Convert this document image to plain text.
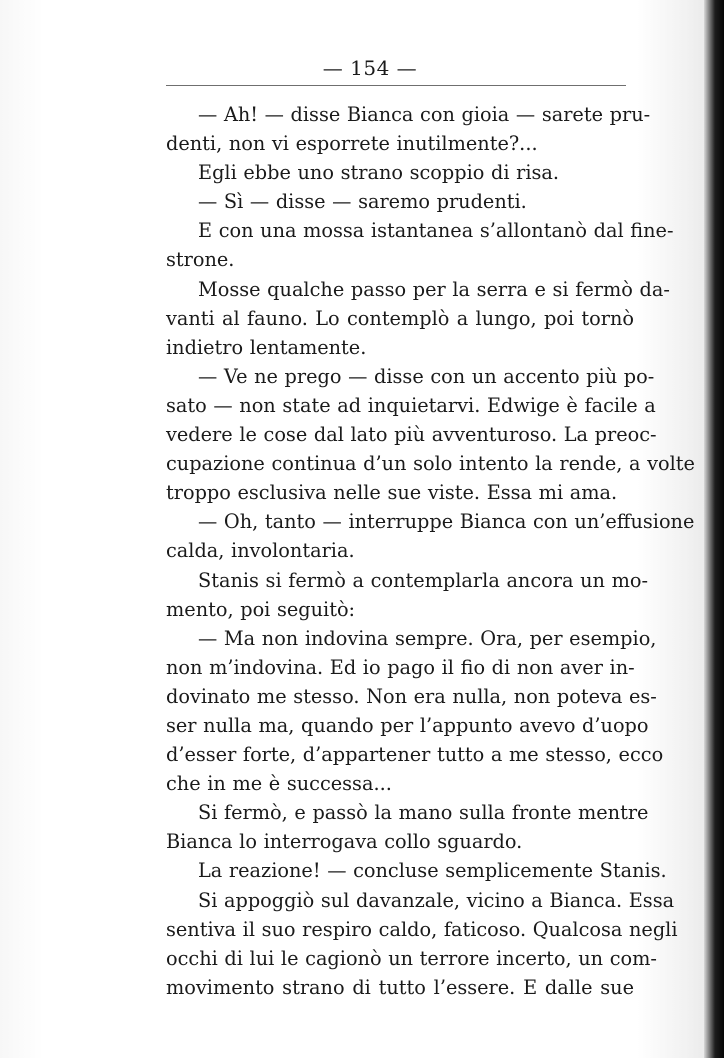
— 154 —
— Ah! — disse Bianca con gioia — sarete pru-
denti, non vi esporrete inutilmente?...
Egli ebbe uno strano scoppio di risa.
— Sì — disse — saremo prudenti.
E con una mossa istantanea s’allontanò dal fine-
strone.
Mosse qualche passo per la serra e si fermò da-
vanti al fauno. Lo contemplò a lungo, poi tornò
indietro lentamente.
— Ve ne prego — disse con un accento più po-
sato — non state ad inquietarvi. Edwige è facile a
vedere le cose dal lato più avventuroso. La preoc-
cupazione continua d’un solo intento la rende, a volte
troppo esclusiva nelle sue viste. Essa mi ama.
— Oh, tanto — interruppe Bianca con un’effusione
calda, involontaria.
Stanis si fermò a contemplarla ancora un mo-
mento, poi seguitò:
— Ma non indovina sempre. Ora, per esempio,
non m’indovina. Ed io pago il fio di non aver in-
dovinato me stesso. Non era nulla, non poteva es-
ser nulla ma, quando per l’appunto avevo d’uopo
d’esser forte, d’appartener tutto a me stesso, ecco
che in me è successa...
Si fermò, e passò la mano sulla fronte mentre
Bianca lo interrogava collo sguardo.
La reazione! — concluse semplicemente Stanis.
Si appoggiò sul davanzale, vicino a Bianca. Essa
sentiva il suo respiro caldo, faticoso. Qualcosa negli
occhi di lui le cagionò un terrore incerto, un com-
movimento strano di tutto l’essere. E dalle sue
